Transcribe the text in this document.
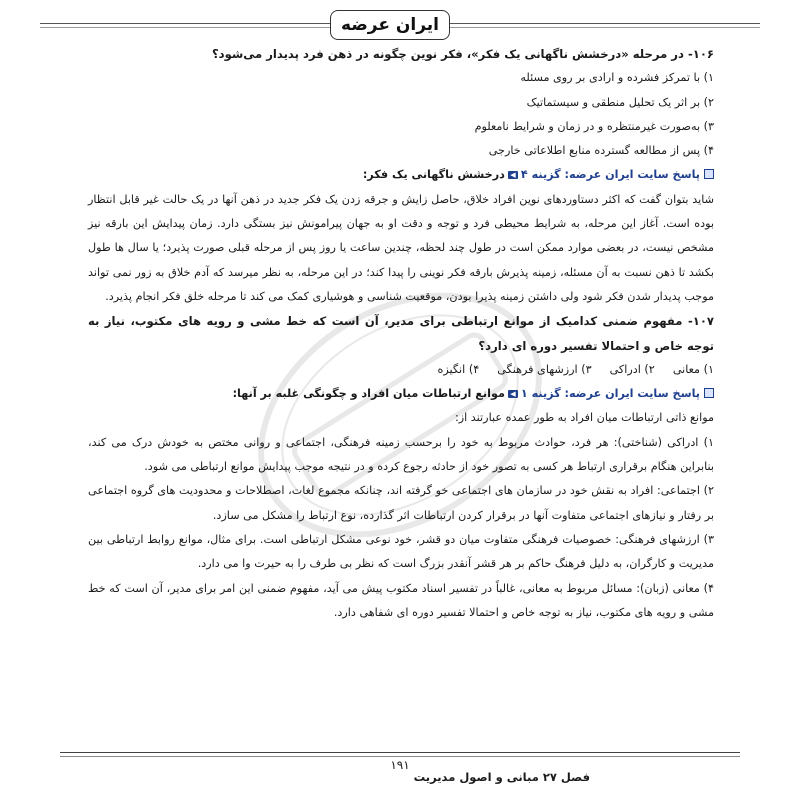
ایران عرضه

۱۰۶- در مرحله «درخشش ناگهانی یک فکر»، فکر نوین چگونه در ذهن فرد پدیدار می‌شود؟

۱) با تمرکز فشرده و ارادی بر روی مسئله

۲) بر اثر یک تحلیل منطقی و سیستماتیک

۳) به‌صورت غیرمنتظره و در زمان و شرایط نامعلوم

۴) پس از مطالعه گسترده منابع اطلاعاتی خارجی

پاسخ سایت ایران عرضه: گزینه ۴◀درخشش ناگهانی یک فکر:

شاید بتوان گفت که اکثر دستاوردهای نوین افراد خلاق، حاصل زایش و جرقه زدن یک فکر جدید در ذهن آنها در یک حالت غیر قابل انتظار بوده است. آغاز این مرحله، به شرایط محیطی فرد و توجه و دقت او به جهان پیرامونش نیز بستگی دارد. زمان پیدایش این بارقه نیز مشخص نیست، در بعضی موارد ممکن است در طول چند لحظه، چندین ساعت یا روز پس از مرحله قبلی صورت پذیرد؛ یا سال ها طول بکشد تا ذهن نسبت به آن مسئله، زمینه پذیرش بارقه فکر نوینی را پیدا کند؛ در این مرحله، به نظر میرسد که آدم خلاق به زور نمی تواند موجب پدیدار شدن فکر شود ولی داشتن زمینه پذیرا بودن، موقعیت شناسی و هوشیاری کمک می کند تا مرحله خلق فکر انجام پذیرد.

۱۰۷- مفهوم ضمنی کدامیک از موانع ارتباطی برای مدیر، آن است که خط مشی و رویه های مکتوب، نیاز به توجه خاص و احتمالا تفسیر دوره ای دارد؟

۱) معانی
۲) ادراکی
۳) ارزشهای فرهنگی
۴) انگیزه

پاسخ سایت ایران عرضه: گزینه ۱◀موانع ارتباطات میان افراد و چگونگی غلبه بر آنها:

موانع ذاتی ارتباطات میان افراد به طور عمده عبارتند از:

۱) ادراکی (شناختی): هر فرد، حوادث مربوط به خود را برحسب زمینه فرهنگی، اجتماعی و روانی مختص به خودش درک می کند، بنابراین هنگام برقراری ارتباط هر کسی به تصور خود از حادثه رجوع کرده و در نتیجه موجب پیدایش موانع ارتباطی می شود.

۲) اجتماعی: افراد به نقش خود در سازمان های اجتماعی خو گرفته اند، چنانکه مجموع لغات، اصطلاحات و محدودیت های گروه اجتماعی بر رفتار و نیازهای اجتماعی متفاوت آنها در برقرار کردن ارتباطات اثر گذارده، نوع ارتباط را مشکل می سازد.

۳) ارزشهای فرهنگی: خصوصیات فرهنگی متفاوت میان دو قشر، خود نوعی مشکل ارتباطی است. برای مثال، موانع روابط ارتباطی بین مدیریت و کارگران، به دلیل فرهنگ حاکم بر هر قشر آنقدر بزرگ است که نظر بی طرف را به حیرت وا می دارد.

۴) معانی (زبان): مسائل مربوط به معانی، غالباً در تفسیر اسناد مکتوب پیش می آید، مفهوم ضمنی این امر برای مدیر، آن است که خط مشی و رویه های مکتوب، نیاز به توجه خاص و احتمالا تفسیر دوره ای شفاهی دارد.

۱۹۱
فصل ۲۷ مبانی و اصول مدیریت
